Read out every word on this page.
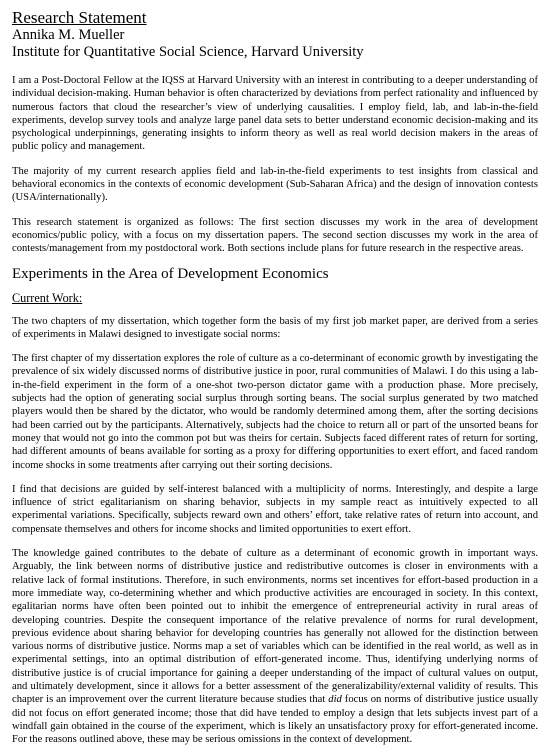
Research Statement

Annika M. Mueller

Institute for Quantitative Social Science, Harvard University

I am a Post-Doctoral Fellow at the IQSS at Harvard University with an interest in contributing to a deeper understanding of individual decision-making. Human behavior is often characterized by deviations from perfect rationality and influenced by numerous factors that cloud the researcher’s view of underlying causalities. I employ field, lab, and lab-in-the-field experiments, develop survey tools and analyze large panel data sets to better understand economic decision-making and its psychological underpinnings, generating insights to inform theory as well as real world decision makers in the areas of public policy and management.

The majority of my current research applies field and lab-in-the-field experiments to test insights from classical and behavioral economics in the contexts of economic development (Sub-Saharan Africa) and the design of innovation contests (USA/internationally).

This research statement is organized as follows: The first section discusses my work in the area of development economics/public policy, with a focus on my dissertation papers. The second section discusses my work in the area of contests/management from my postdoctoral work. Both sections include plans for future research in the respective areas.

Experiments in the Area of Development Economics

Current Work:

The two chapters of my dissertation, which together form the basis of my first job market paper, are derived from a series of experiments in Malawi designed to investigate social norms:

The first chapter of my dissertation explores the role of culture as a co-determinant of economic growth by investigating the prevalence of six widely discussed norms of distributive justice in poor, rural communities of Malawi. I do this using a lab-in-the-field experiment in the form of a one-shot two-person dictator game with a production phase. More precisely, subjects had the option of generating social surplus through sorting beans. The social surplus generated by two matched players would then be shared by the dictator, who would be randomly determined among them, after the sorting decisions had been carried out by the participants. Alternatively, subjects had the choice to return all or part of the unsorted beans for money that would not go into the common pot but was theirs for certain. Subjects faced different rates of return for sorting, had different amounts of beans available for sorting as a proxy for differing opportunities to exert effort, and faced random income shocks in some treatments after carrying out their sorting decisions.

I find that decisions are guided by self-interest balanced with a multiplicity of norms. Interestingly, and despite a large influence of strict egalitarianism on sharing behavior, subjects in my sample react as intuitively expected to all experimental variations. Specifically, subjects reward own and others’ effort, take relative rates of return into account, and compensate themselves and others for income shocks and limited opportunities to exert effort.

The knowledge gained contributes to the debate of culture as a determinant of economic growth in important ways. Arguably, the link between norms of distributive justice and redistributive outcomes is closer in environments with a relative lack of formal institutions. Therefore, in such environments, norms set incentives for effort-based production in a more immediate way, co-determining whether and which productive activities are encouraged in society. In this context, egalitarian norms have often been pointed out to inhibit the emergence of entrepreneurial activity in rural areas of developing countries. Despite the consequent importance of the relative prevalence of norms for rural development, previous evidence about sharing behavior for developing countries has generally not allowed for the distinction between various norms of distributive justice. Norms map a set of variables which can be identified in the real world, as well as in experimental settings, into an optimal distribution of effort-generated income. Thus, identifying underlying norms of distributive justice is of crucial importance for gaining a deeper understanding of the impact of cultural values on output, and ultimately development, since it allows for a better assessment of the generalizability/external validity of results. This chapter is an improvement over the current literature because studies that did focus on norms of distributive justice usually did not focus on effort generated income; those that did have tended to employ a design that lets subjects invest part of a windfall gain obtained in the course of the experiment, which is likely an unsatisfactory proxy for effort-generated income. For the reasons outlined above, these may be serious omissions in the context of development.
